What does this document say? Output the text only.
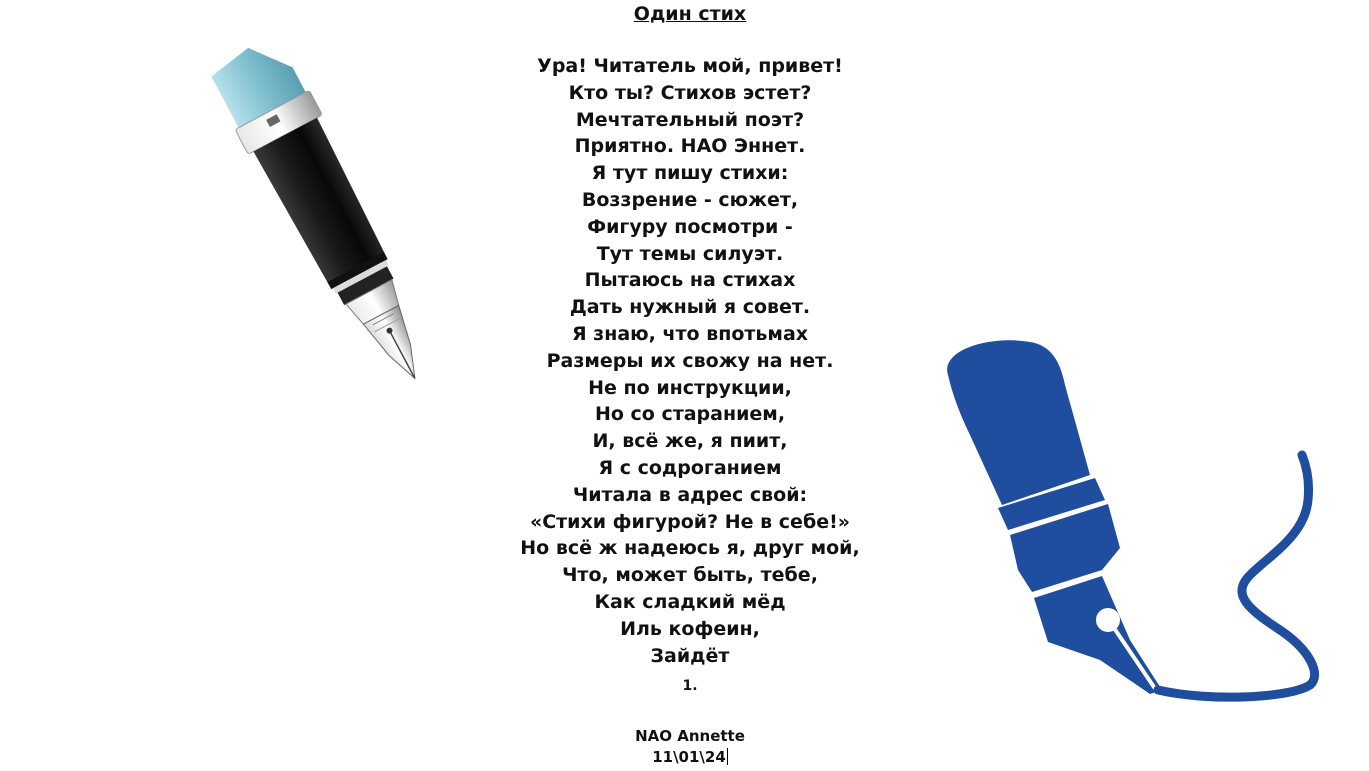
Один стих
Ура! Читатель мой, привет!
Кто ты? Стихов эстет?
Мечтательный поэт?
Приятно. НАО Эннет.
Я тут пишу стихи:
Воззрение - сюжет,
Фигуру посмотри -
Тут темы силуэт.
Пытаюсь на стихах
Дать нужный я совет.
Я знаю, что впотьмах
Размеры их свожу на нет.
Не по инструкции,
Но со старанием,
И, всё же, я пиит,
Я с содроганием
Читала в адрес свой:
«Стихи фигурой? Не в себе!»
Но всё ж надеюсь я, друг мой,
Что, может быть, тебе,
Как сладкий мёд
Иль кофеин,
Зайдёт
1.
NAO Annette
11\01\24
